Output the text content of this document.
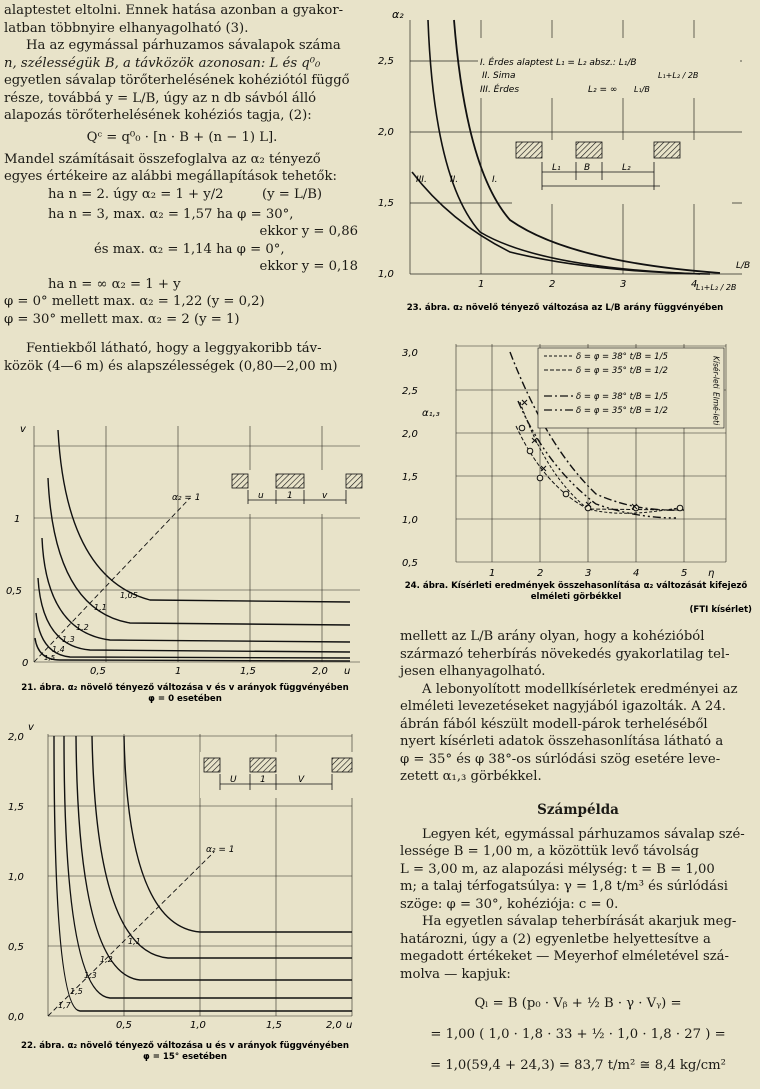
alaptestet eltolni. Ennek hatása azonban a gyakor-

latban többnyire elhanyagolható (3).

Ha az egymással párhuzamos sávalapok száma

n, szélességük B, a távközök azonosan: L és q⁰₀

egyetlen sávalap törőterhelésének kohéziótól függő

része, továbbá y = L/B, úgy az n db sávból álló

alapozás törőterhelésének kohéziós tagja, (2):

Qᶜ = q⁰₀ · [n · B + (n − 1) L].

Mandel számításait összefoglalva az α₂ tényező

egyes értékeire az alábbi megállapítások tehetők:

ha n = 2. úgy α₂ = 1 + y/2	(y = L/B)

ha n = 3, max. α₂ = 1,57 ha φ = 30°,

ekkor y = 0,86

és max. α₂ = 1,14 ha φ = 0°,

ekkor y = 0,18

ha n = ∞ α₂ = 1 + y

φ = 0° mellett max. α₂ = 1,22 (y = 0,2)

φ = 30° mellett max. α₂ = 2 (y = 1)

Fentiekből látható, hogy a leggyakoribb táv-

közök (4—6 m) és alapszélességek (0,80—2,00 m)

α₂
1,0
1,5
2,0
2,5
1	2	3	4
L/B
L₁+L₂ / 2B
III.	II.	I.
I. Érdes alaptest L₁ = L₂ absz.: L₁/B
II. Sima
III. Érdes	L₂ = ∞ L₁/B
L₁+L₂ / 2B
L₁	B	L₂
23. ábra. α₂ növelő tényező változása az L/B arány függvényében
3,0
2,5
2,0
1,5
1,0
0,5
α₁,₃
1	2	3	4	5 η
δ = φ = 38° t/B = 1/5
δ = φ = 35° t/B = 1/2
δ = φ = 38° t/B = 1/5
δ = φ = 35° t/B = 1/2
Kísér-leti
Elmé-leti
24. ábra. Kísérleti eredmények összehasonlítása α₂ változását kifejező
elméleti görbékkel
(FTI kísérlet)
v
0,5
1
0
0,5	1	1,5	2,0 u
α₂ = 1
1,05
1,1
1,2
1,3
1,4
1,5
u	1	v
21. ábra. α₂ növelő tényező változása v és v arányok függvényében
φ = 0 esetében
v
0,0
0,5
1,0
1,5
2,0
0,5	1,0	1,5	2,0 u
α₂ = 1
1,1
1,2
1,3
1,5
1,7
U	1	V
22. ábra. α₂ növelő tényező változása u és v arányok függvényében
φ = 15° esetében

mellett az L/B arány olyan, hogy a kohézióból

származó teherbírás növekedés gyakorlatilag tel-

jesen elhanyagolható.

A lebonyolított modellkísérletek eredményei az

elméleti levezetéseket nagyjából igazolták. A 24.

ábrán fából készült modell-párok terheléséből

nyert kísérleti adatok összehasonlítása látható a

φ = 35° és φ 38°-os súrlódási szög esetére leve-

zetett α₁,₃ görbékkel.

Számpélda

Legyen két, egymással párhuzamos sávalap szé-

lessége B = 1,00 m, a közöttük levő távolság

L = 3,00 m, az alapozási mélység: t = B = 1,00

m; a talaj térfogatsúlya: γ = 1,8 t/m³ és súrlódási

szöge: φ = 30°, kohéziója: c = 0.

Ha egyetlen sávalap teherbírását akarjuk meg-

határozni, úgy a (2) egyenletbe helyettesítve a

megadott értékeket — Meyerhof elméletével szá-

molva — kapjuk:

Qₗ = B (p₀ · Vᵦ + ½ B · γ · Vᵧ) =

= 1,00 ( 1,0 · 1,8 · 33 + ½ · 1,0 · 1,8 · 27 ) =

= 1,0(59,4 + 24,3) = 83,7 t/m² ≅ 8,4 kg/cm²
